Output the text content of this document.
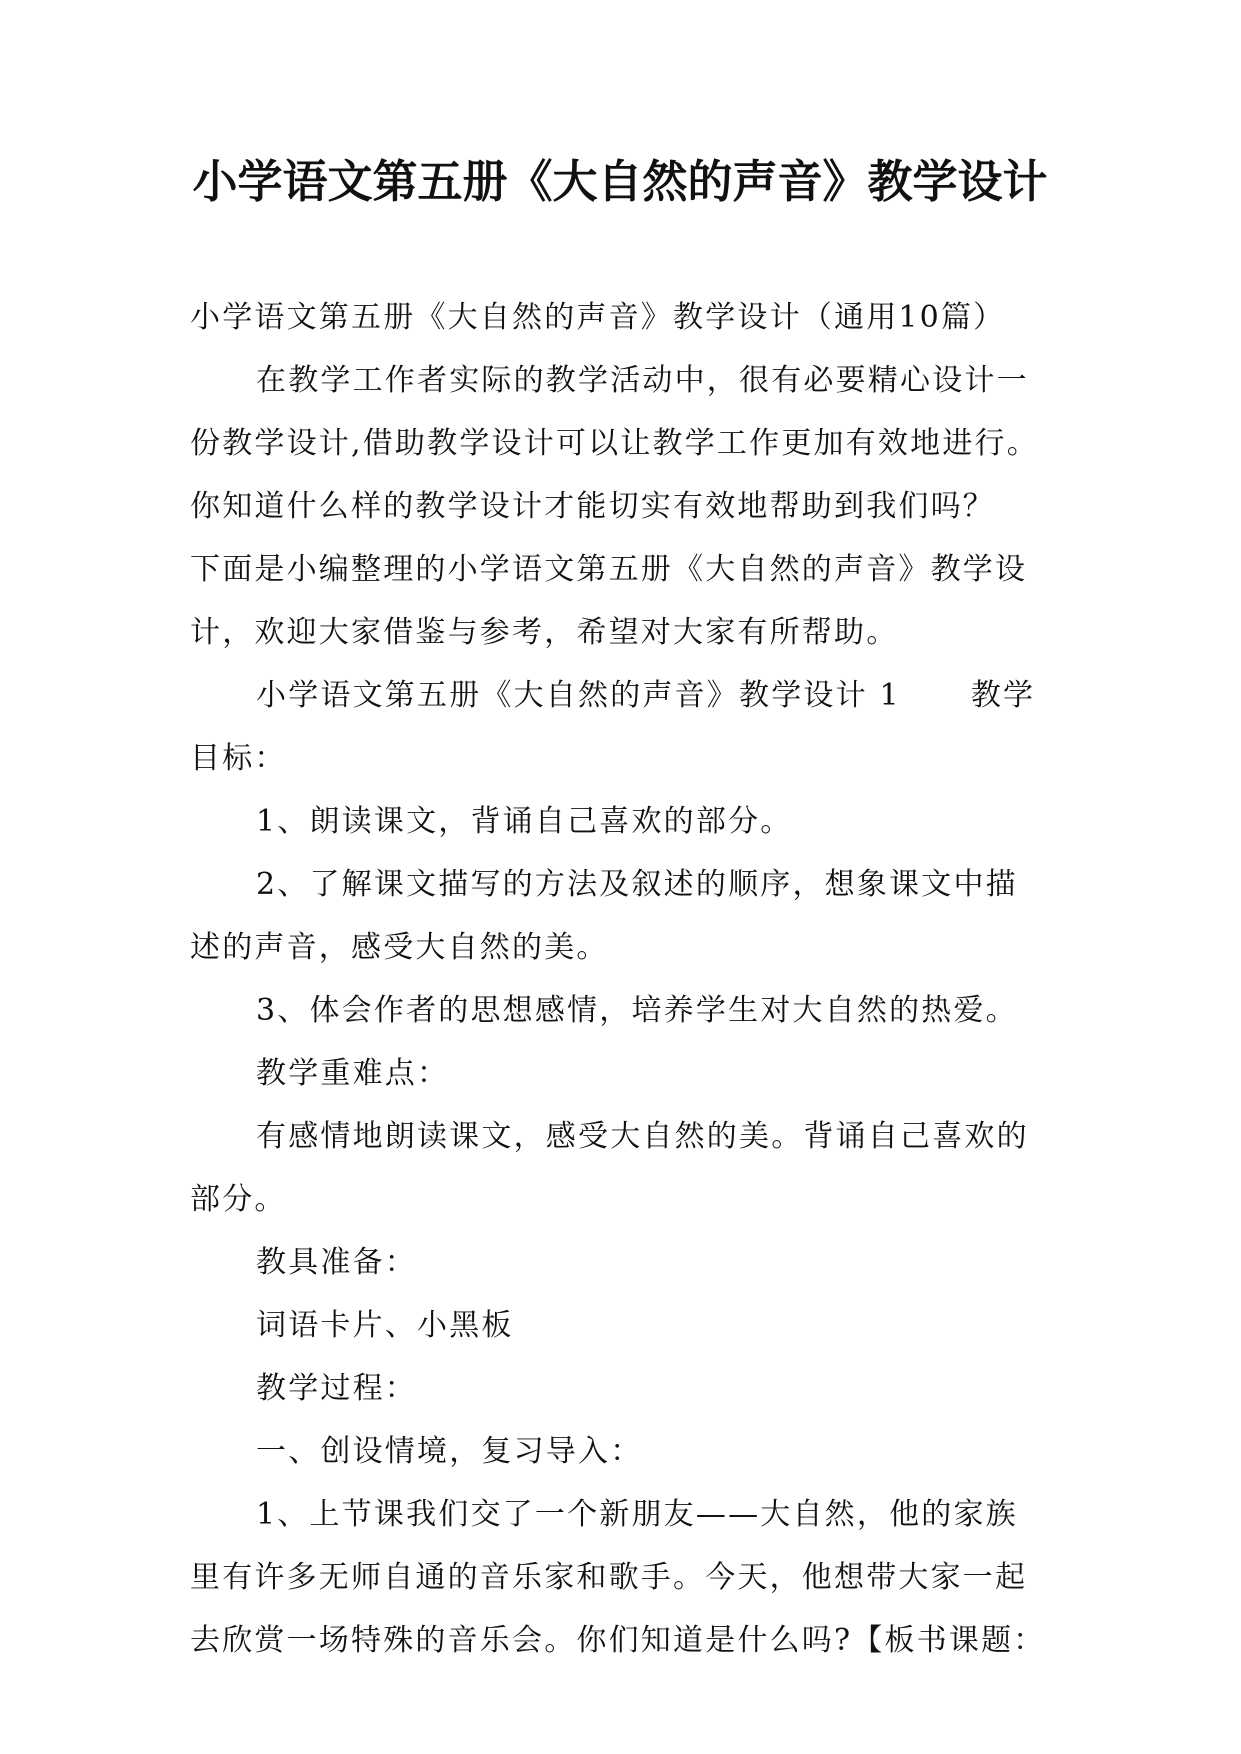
小学语文第五册《大自然的声音》教学设计

小学语文第五册《大自然的声音》教学设计（通用10篇）

在教学工作者实际的教学活动中，很有必要精心设计一

份教学设计,借助教学设计可以让教学工作更加有效地进行。

你知道什么样的教学设计才能切实有效地帮助到我们吗？

下面是小编整理的小学语文第五册《大自然的声音》教学设

计，欢迎大家借鉴与参考，希望对大家有所帮助。

小学语文第五册《大自然的声音》教学设计 1 教学

目标：

1、朗读课文，背诵自己喜欢的部分。

2、了解课文描写的方法及叙述的顺序，想象课文中描

述的声音，感受大自然的美。

3、体会作者的思想感情，培养学生对大自然的热爱。

教学重难点：

有感情地朗读课文，感受大自然的美。背诵自己喜欢的

部分。

教具准备：

词语卡片、小黑板

教学过程：

一、创设情境，复习导入：

1、上节课我们交了一个新朋友——大自然，他的家族

里有许多无师自通的音乐家和歌手。今天，他想带大家一起

去欣赏一场特殊的音乐会。你们知道是什么吗?【板书课题：
